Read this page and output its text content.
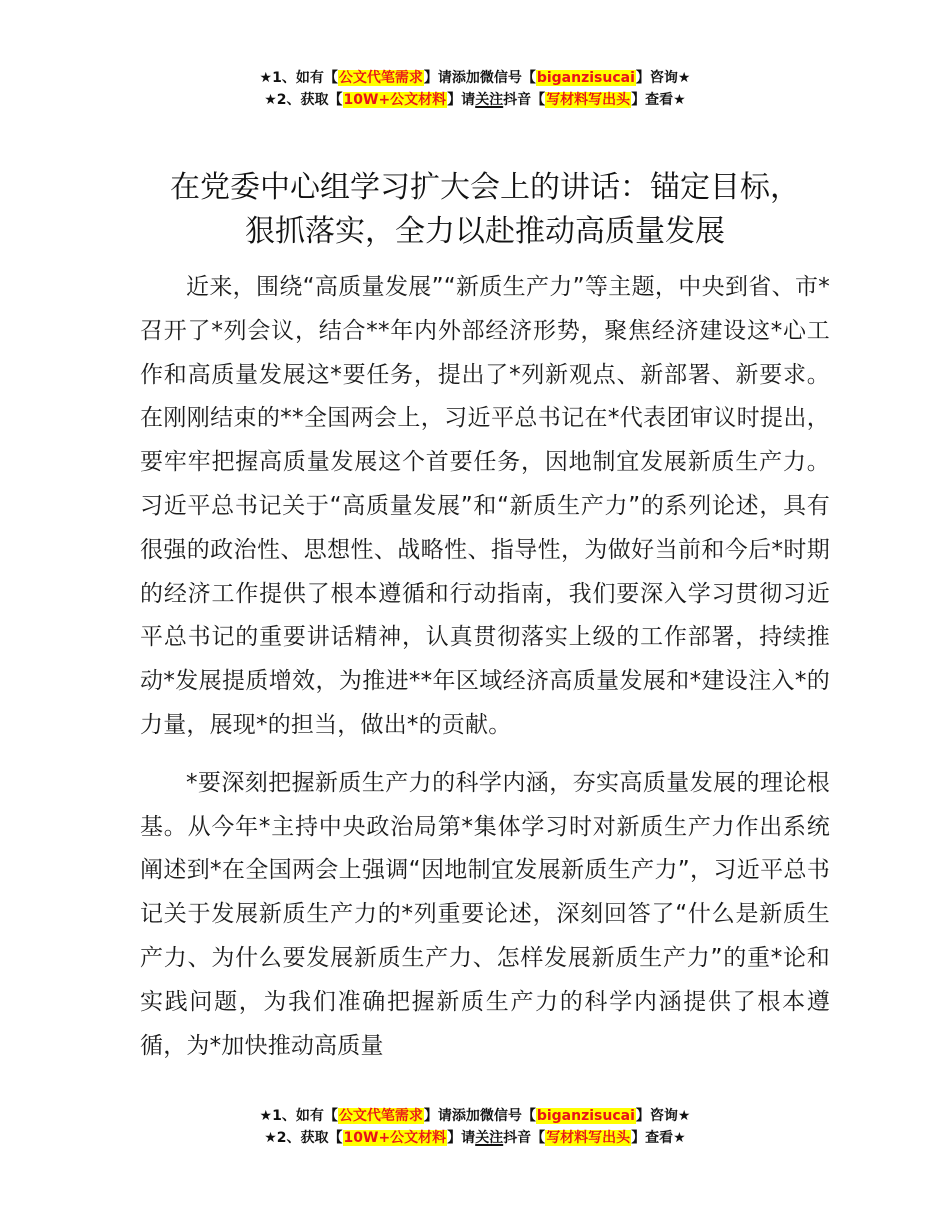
★1、如有【公文代笔需求】请添加微信号【biganzisucai】咨询★
★2、获取【10W+公文材料】请关注抖音【写材料写出头】查看★
在党委中心组学习扩大会上的讲话：锚定目标，
狠抓落实，全力以赴推动高质量发展

近来，围绕“高质量发展”“新质生产力”等主题，中央到省、市*召开了*列会议，结合**年内外部经济形势，聚焦经济建设这*心工作和高质量发展这*要任务，提出了*列新观点、新部署、新要求。在刚刚结束的**全国两会上，习近平总书记在*代表团审议时提出，要牢牢把握高质量发展这个首要任务，因地制宜发展新质生产力。习近平总书记关于“高质量发展”和“新质生产力”的系列论述，具有很强的政治性、思想性、战略性、指导性，为做好当前和今后*时期的经济工作提供了根本遵循和行动指南，我们要深入学习贯彻习近平总书记的重要讲话精神，认真贯彻落实上级的工作部署，持续推动*发展提质增效，为推进**年区域经济高质量发展和*建设注入*的力量，展现*的担当，做出*的贡献。

*要深刻把握新质生产力的科学内涵，夯实高质量发展的理论根基。从今年*主持中央政治局第*集体学习时对新质生产力作出系统阐述到*在全国两会上强调“因地制宜发展新质生产力”，习近平总书记关于发展新质生产力的*列重要论述，深刻回答了“什么是新质生产力、为什么要发展新质生产力、怎样发展新质生产力”的重*论和实践问题，为我们准确把握新质生产力的科学内涵提供了根本遵循，为*加快推动高质量

★1、如有【公文代笔需求】请添加微信号【biganzisucai】咨询★
★2、获取【10W+公文材料】请关注抖音【写材料写出头】查看★
